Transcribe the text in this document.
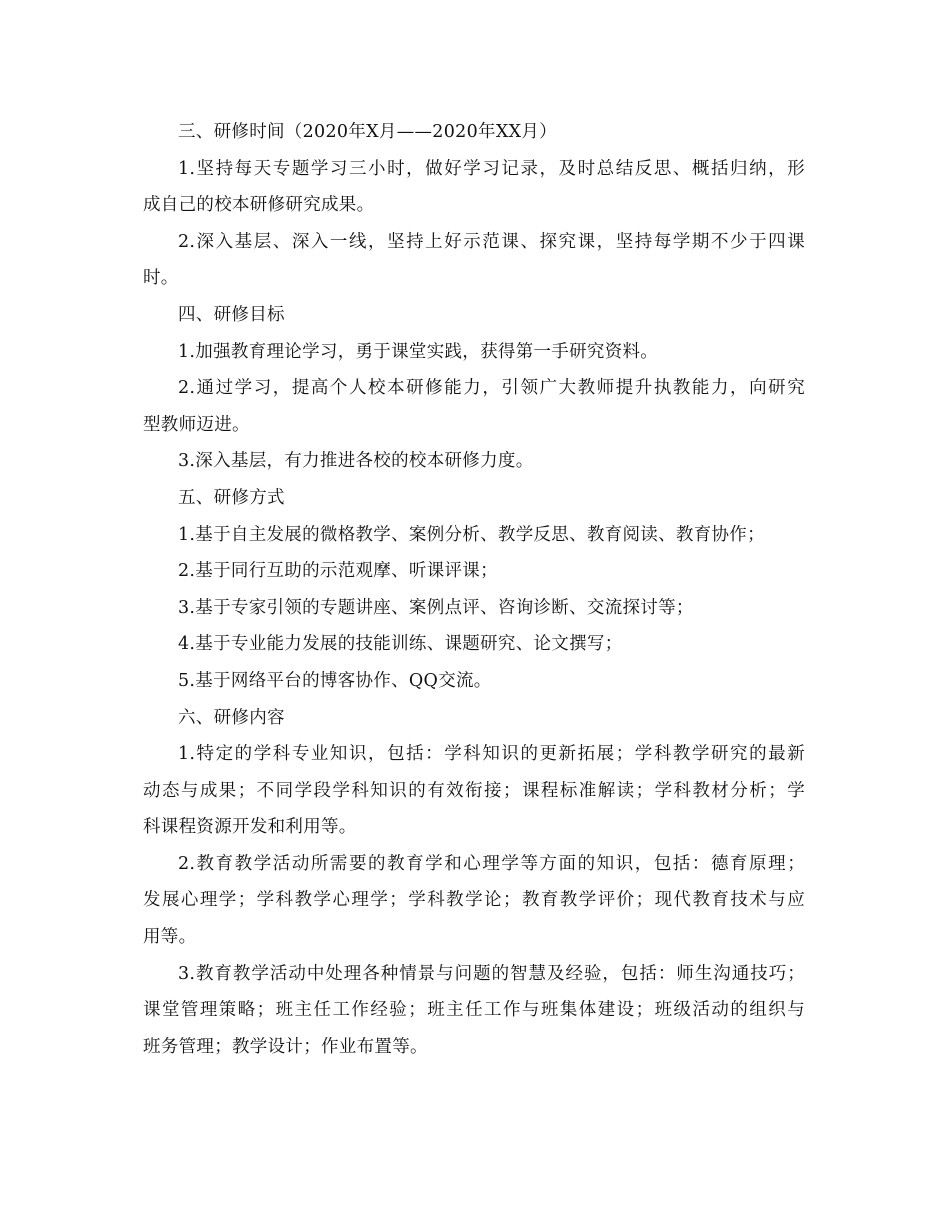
三、研修时间（2020年X月——2020年XX月）
1.坚持每天专题学习三小时，做好学习记录，及时总结反思、概括归纳，形
成自己的校本研修研究成果。
2.深入基层、深入一线，坚持上好示范课、探究课，坚持每学期不少于四课
时。
四、研修目标
1.加强教育理论学习，勇于课堂实践，获得第一手研究资料。
2.通过学习，提高个人校本研修能力，引领广大教师提升执教能力，向研究
型教师迈进。
3.深入基层，有力推进各校的校本研修力度。
五、研修方式
1.基于自主发展的微格教学、案例分析、教学反思、教育阅读、教育协作；
2.基于同行互助的示范观摩、听课评课；
3.基于专家引领的专题讲座、案例点评、咨询诊断、交流探讨等；
4.基于专业能力发展的技能训练、课题研究、论文撰写；
5.基于网络平台的博客协作、QQ交流。
六、研修内容
1.特定的学科专业知识，包括：学科知识的更新拓展；学科教学研究的最新
动态与成果；不同学段学科知识的有效衔接；课程标准解读；学科教材分析；学
科课程资源开发和利用等。
2.教育教学活动所需要的教育学和心理学等方面的知识，包括：德育原理；
发展心理学；学科教学心理学；学科教学论；教育教学评价；现代教育技术与应
用等。
3.教育教学活动中处理各种情景与问题的智慧及经验，包括：师生沟通技巧；
课堂管理策略；班主任工作经验；班主任工作与班集体建设；班级活动的组织与
班务管理；教学设计；作业布置等。
